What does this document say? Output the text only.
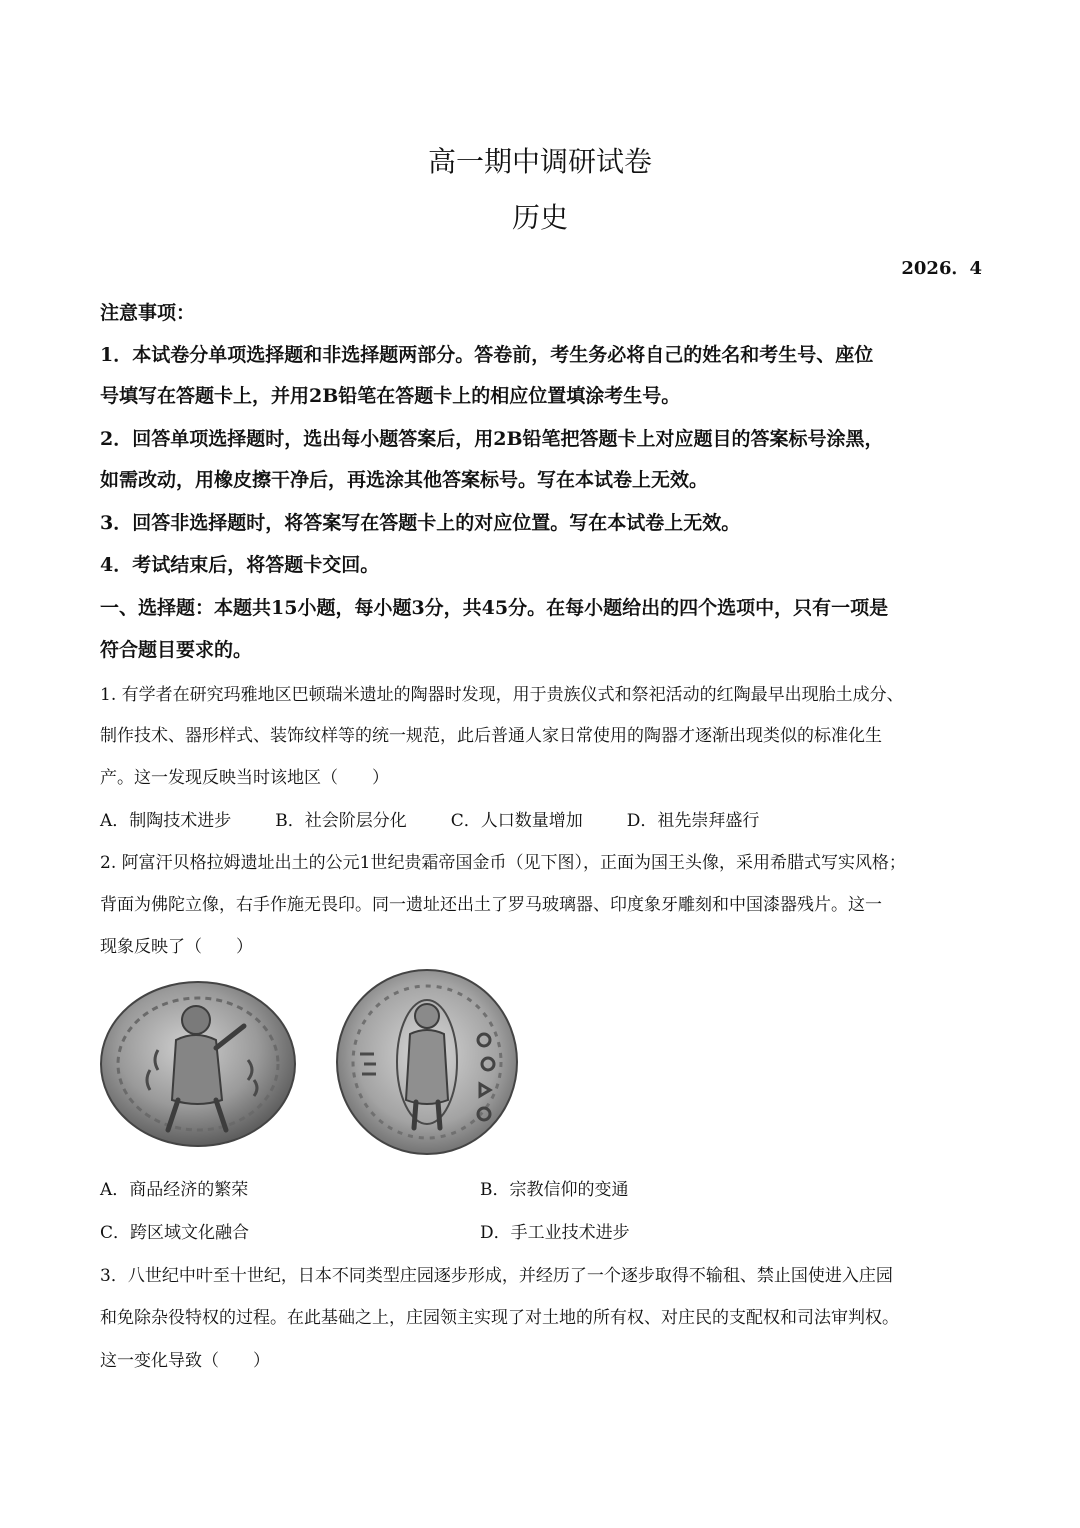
高一期中调研试卷
历史
2026．4
注意事项：
1．本试卷分单项选择题和非选择题两部分。答卷前，考生务必将自己的姓名和考生号、座位
号填写在答题卡上，并用2B铅笔在答题卡上的相应位置填涂考生号。
2．回答单项选择题时，选出每小题答案后，用2B铅笔把答题卡上对应题目的答案标号涂黑，
如需改动，用橡皮擦干净后，再选涂其他答案标号。写在本试卷上无效。
3．回答非选择题时，将答案写在答题卡上的对应位置。写在本试卷上无效。
4．考试结束后，将答题卡交回。
一、选择题：本题共15小题，每小题3分，共45分。在每小题给出的四个选项中，只有一项是
符合题目要求的。
1. 有学者在研究玛雅地区巴顿瑞米遗址的陶器时发现，用于贵族仪式和祭祀活动的红陶最早出现胎土成分、
制作技术、器形样式、装饰纹样等的统一规范，此后普通人家日常使用的陶器才逐渐出现类似的标准化生
产。这一发现反映当时该地区（　　）
A．制陶技术进步	B．社会阶层分化	C．人口数量增加	D．祖先崇拜盛行
2. 阿富汗贝格拉姆遗址出土的公元1世纪贵霜帝国金币（见下图），正面为国王头像，采用希腊式写实风格；
背面为佛陀立像，右手作施无畏印。同一遗址还出土了罗马玻璃器、印度象牙雕刻和中国漆器残片。这一
现象反映了（　　）
A．商品经济的繁荣	B．宗教信仰的变通
C．跨区域文化融合	D．手工业技术进步
3．八世纪中叶至十世纪，日本不同类型庄园逐步形成，并经历了一个逐步取得不输租、禁止国使进入庄园
和免除杂役特权的过程。在此基础之上，庄园领主实现了对土地的所有权、对庄民的支配权和司法审判权。
这一变化导致（　　）
